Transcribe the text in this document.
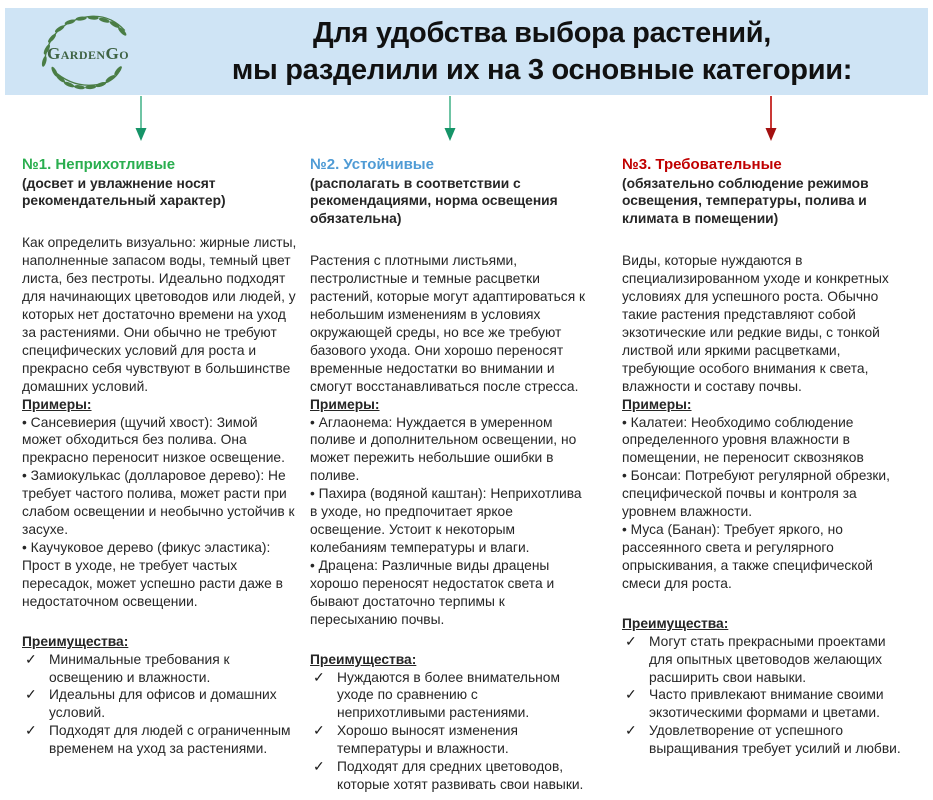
GardenGo
Для удобства выбора растений,
мы разделили их на 3 основные категории:

№1. Неприхотливые

(досвет и увлажнение носят рекомендательный характер)

Как определить визуально: жирные листы, наполненные запасом воды, темный цвет листа, без пестроты. Идеально подходят для начинающих цветоводов или людей, у которых нет достаточно времени на уход за растениями. Они обычно не требуют специфических условий для роста и прекрасно себя чувствуют в большинстве домашних условий.

Примеры:

• Сансевиерия (щучий хвост): Зимой может обходиться без полива. Она прекрасно переносит низкое освещение.

• Замиокулькас (долларовое дерево): Не требует частого полива, может расти при слабом освещении и необычно устойчив к засухе.

• Каучуковое дерево (фикус эластика): Прост в уходе, не требует частых пересадок, может успешно расти даже в недостаточном освещении.

Преимущества:

✓ Минимальные требования к освещению и влажности.

✓ Идеальны для офисов и домашних условий.

✓ Подходят для людей с ограниченным временем на уход за растениями.

№2. Устойчивые

(располагать в соответствии с рекомендациями, норма освещения обязательна)

Растения с плотными листьями, пестролистные и темные расцветки растений, которые могут адаптироваться к небольшим изменениям в условиях окружающей среды, но все же требуют базового ухода. Они хорошо переносят временные недостатки во внимании и смогут восстанавливаться после стресса.

Примеры:

• Аглаонема: Нуждается в умеренном поливе и дополнительном освещении, но может пережить небольшие ошибки в поливе.

• Пахира (водяной каштан): Неприхотлива в уходе, но предпочитает яркое освещение. Устоит к некоторым колебаниям температуры и влаги.

• Драцена: Различные виды драцены хорошо переносят недостаток света и бывают достаточно терпимы к пересыханию почвы.

Преимущества:

✓ Нуждаются в более внимательном уходе по сравнению с неприхотливыми растениями.

✓ Хорошо выносят изменения температуры и влажности.

✓ Подходят для средних цветоводов, которые хотят развивать свои навыки.

№3. Требовательные

(обязательно соблюдение режимов освещения, температуры, полива и климата в помещении)

Виды, которые нуждаются в специализированном уходе и конкретных условиях для успешного роста. Обычно такие растения представляют собой экзотические или редкие виды, с тонкой листвой или яркими расцветками, требующие особого внимания к света, влажности и составу почвы.

Примеры:

• Калатеи: Необходимо соблюдение определенного уровня влажности в помещении, не переносит сквозняков

• Бонсаи: Потребуют регулярной обрезки, специфической почвы и контроля за уровнем влажности.

• Муса (Банан): Требует яркого, но рассеянного света и регулярного опрыскивания, а также специфической смеси для роста.

Преимущества:

✓ Могут стать прекрасными проектами для опытных цветоводов желающих расширить свои навыки.

✓ Часто привлекают внимание своими экзотическими формами и цветами.

✓ Удовлетворение от успешного выращивания требует усилий и любви.
